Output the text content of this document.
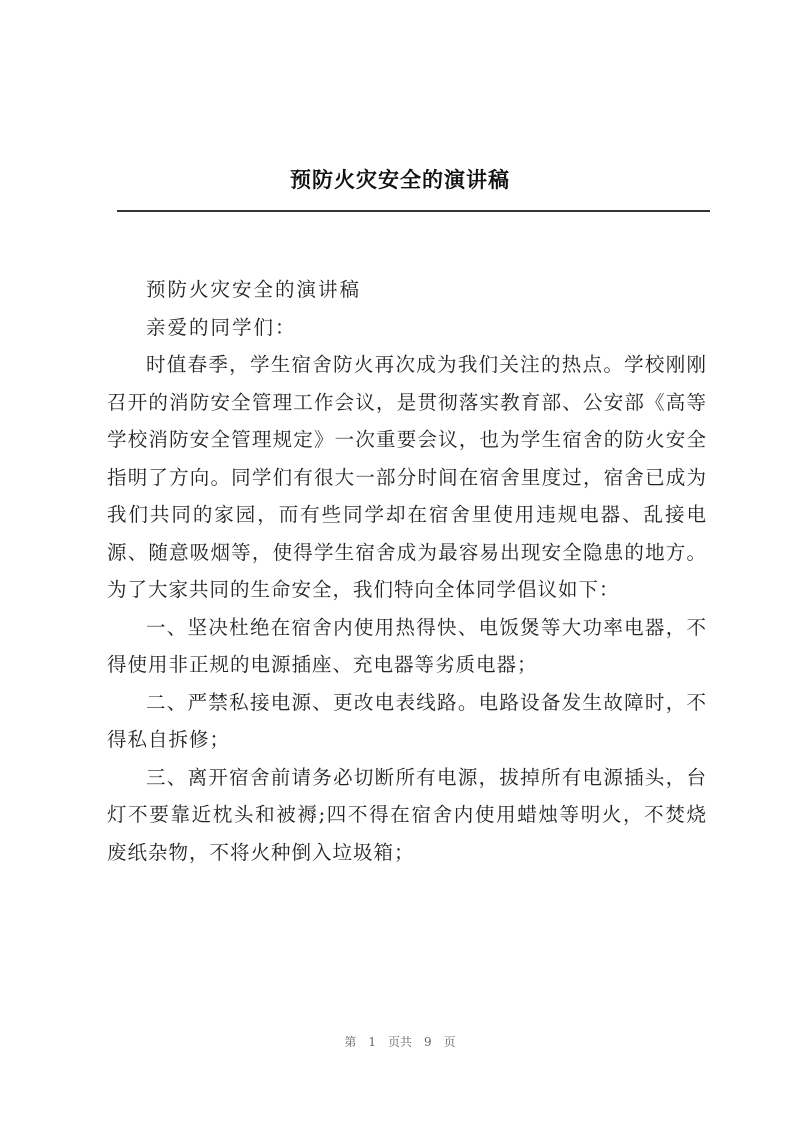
预防火灾安全的演讲稿

预防火灾安全的演讲稿

亲爱的同学们：

时值春季，学生宿舍防火再次成为我们关注的热点。学校刚刚召开的消防安全管理工作会议，是贯彻落实教育部、公安部《高等学校消防安全管理规定》一次重要会议，也为学生宿舍的防火安全指明了方向。同学们有很大一部分时间在宿舍里度过，宿舍已成为我们共同的家园，而有些同学却在宿舍里使用违规电器、乱接电源、随意吸烟等，使得学生宿舍成为最容易出现安全隐患的地方。为了大家共同的生命安全，我们特向全体同学倡议如下：

一、坚决杜绝在宿舍内使用热得快、电饭煲等大功率电器，不得使用非正规的电源插座、充电器等劣质电器；

二、严禁私接电源、更改电表线路。电路设备发生故障时，不得私自拆修；

三、离开宿舍前请务必切断所有电源，拔掉所有电源插头，台灯不要靠近枕头和被褥;四不得在宿舍内使用蜡烛等明火，不焚烧废纸杂物，不将火种倒入垃圾箱；

第 1 页共 9 页
